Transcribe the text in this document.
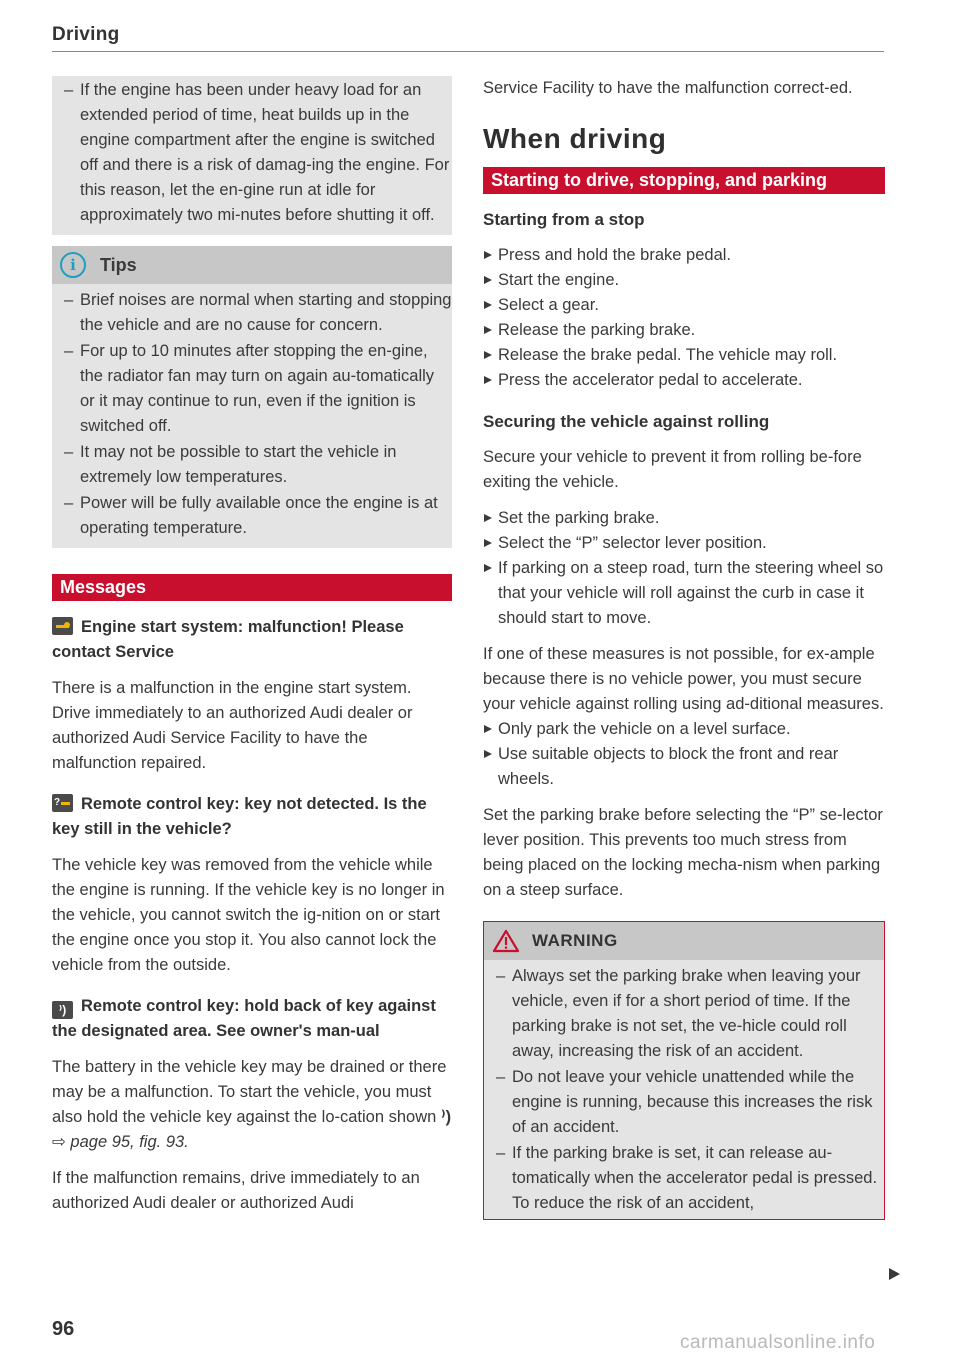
Driving
– If the engine has been under heavy load for an extended period of time, heat builds up in the engine compartment after the engine is switched off and there is a risk of damag-ing the engine. For this reason, let the en-gine run at idle for approximately two mi-nutes before shutting it off.
i	Tips
– Brief noises are normal when starting and stopping the vehicle and are no cause for concern.
– For up to 10 minutes after stopping the en-gine, the radiator fan may turn on again au-tomatically or it may continue to run, even if the ignition is switched off.
– It may not be possible to start the vehicle in extremely low temperatures.
– Power will be fully available once the engine is at operating temperature.
Messages

Engine start system: malfunction! Please contact Service

There is a malfunction in the engine start system. Drive immediately to an authorized Audi dealer or authorized Audi Service Facility to have the malfunction repaired.

? Remote control key: key not detected. Is the key still in the vehicle?

The vehicle key was removed from the vehicle while the engine is running. If the vehicle key is no longer in the vehicle, you cannot switch the ig-nition on or start the engine once you stop it. You also cannot lock the vehicle from the outside.

⁾) Remote control key: hold back of key against the designated area. See owner's man-ual

The battery in the vehicle key may be drained or there may be a malfunction. To start the vehicle, you must also hold the vehicle key against the lo-cation shown ⁾) ⇨ page 95, fig. 93.

If the malfunction remains, drive immediately to an authorized Audi dealer or authorized Audi

Service Facility to have the malfunction correct-ed.

When driving
Starting to drive, stopping, and parking
Starting from a stop
Press and hold the brake pedal.
Start the engine.
Select a gear.
Release the parking brake.
Release the brake pedal. The vehicle may roll.
Press the accelerator pedal to accelerate.
Securing the vehicle against rolling

Secure your vehicle to prevent it from rolling be-fore exiting the vehicle.

Set the parking brake.
Select the “P” selector lever position.
If parking on a steep road, turn the steering wheel so that your vehicle will roll against the curb in case it should start to move.

If one of these measures is not possible, for ex-ample because there is no vehicle power, you must secure your vehicle against rolling using ad-ditional measures.

Only park the vehicle on a level surface.
Use suitable objects to block the front and rear wheels.

Set the parking brake before selecting the “P” se-lector lever position. This prevents too much stress from being placed on the locking mecha-nism when parking on a steep surface.

WARNING
– Always set the parking brake when leaving your vehicle, even if for a short period of time. If the parking brake is not set, the ve-hicle could roll away, increasing the risk of an accident.
– Do not leave your vehicle unattended while the engine is running, because this increases the risk of an accident.
– If the parking brake is set, it can release au-tomatically when the accelerator pedal is pressed. To reduce the risk of an accident,
96
carmanualsonline.info
